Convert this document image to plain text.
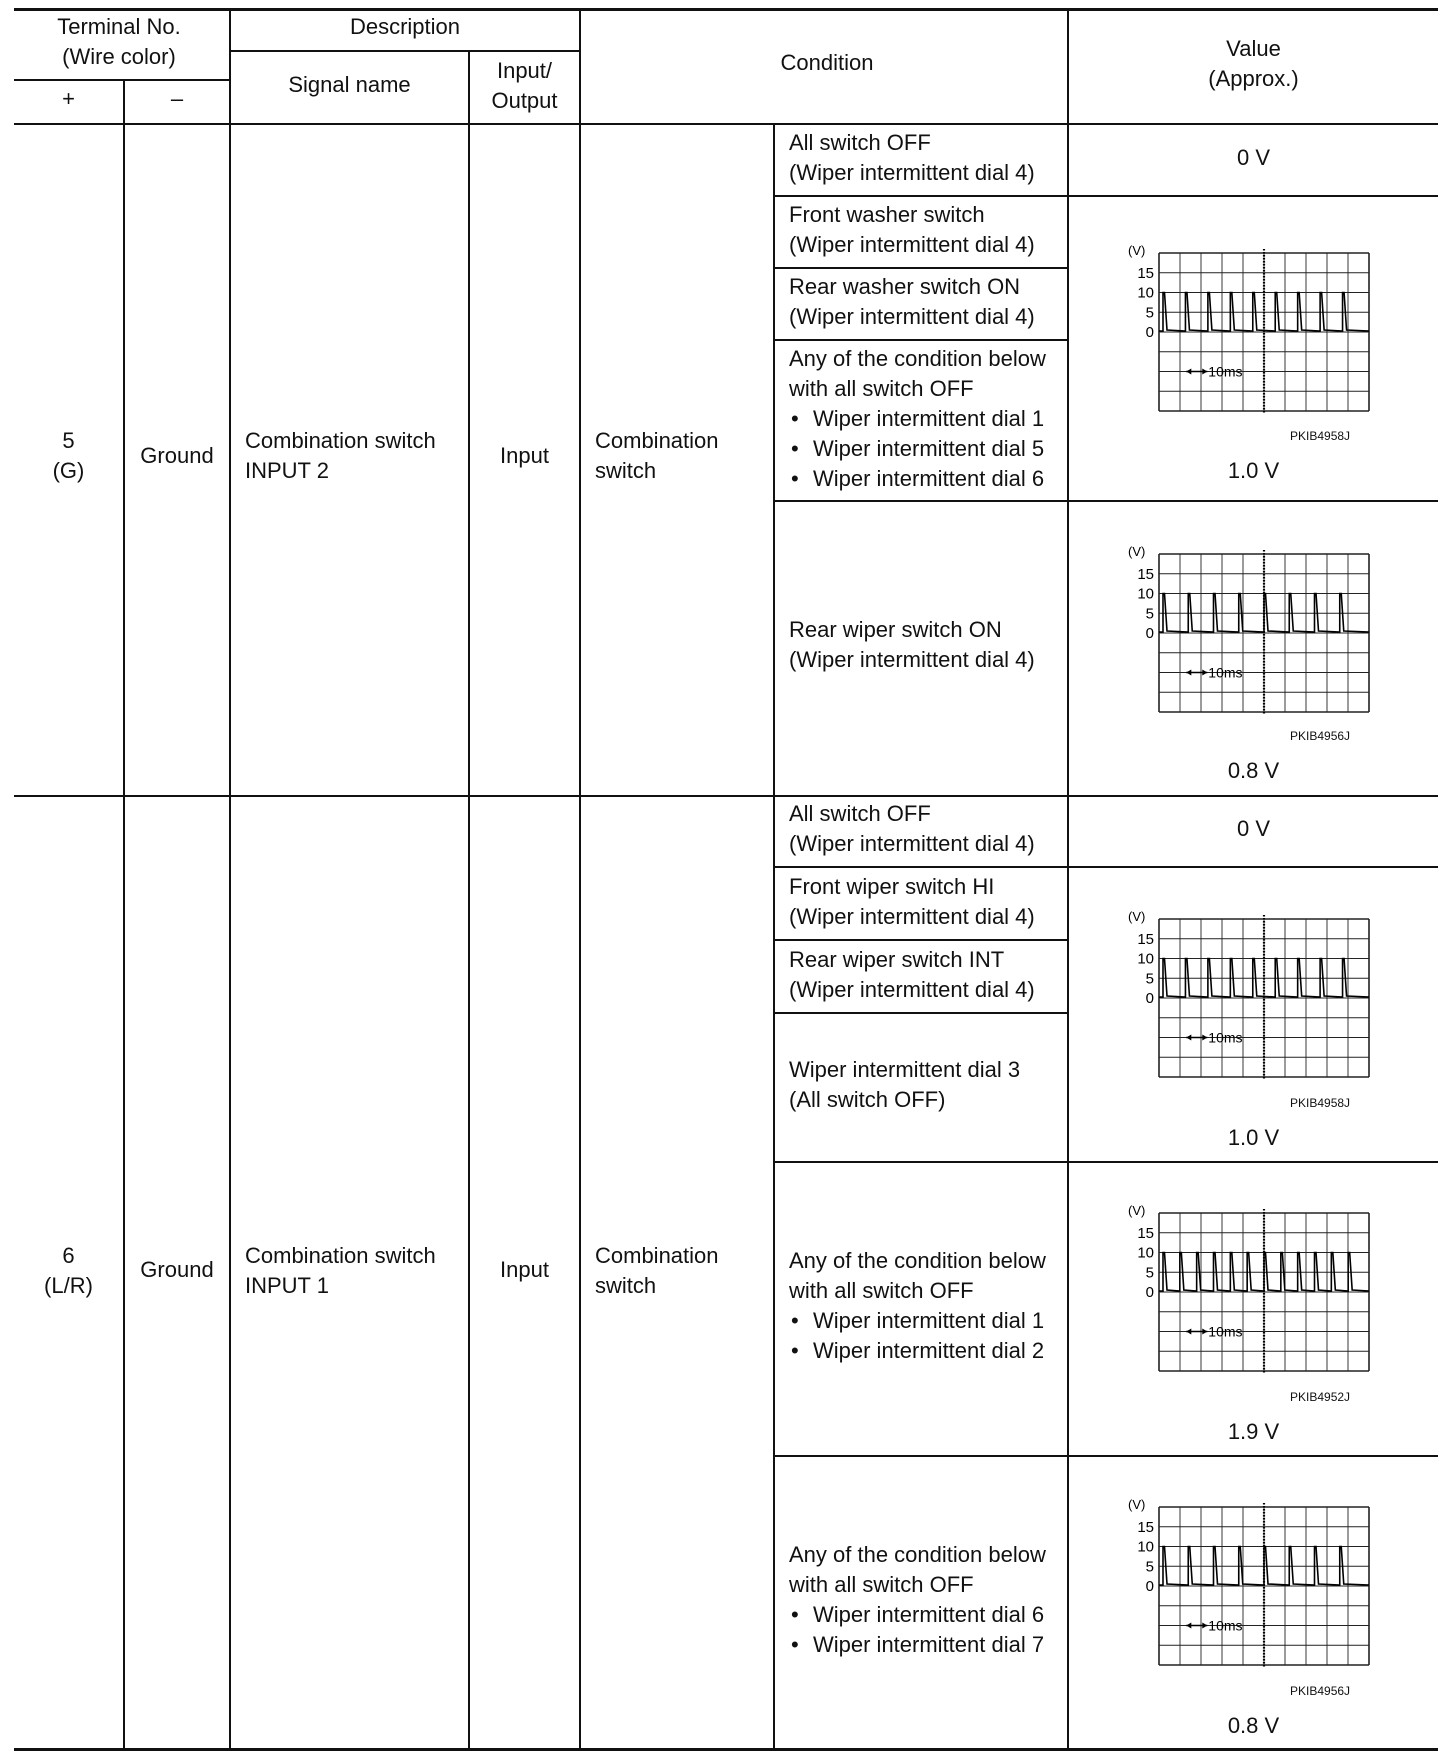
Terminal No.
(Wire color)
+	–
Description
Signal name
Input/
Output
Condition
Value
(Approx.)
5
(G)
Ground
Combination switch
INPUT 2
Input
Combination
switch
All switch OFF
(Wiper intermittent dial 4)
Front washer switch
(Wiper intermittent dial 4)
Rear washer switch ON
(Wiper intermittent dial 4)
Any of the condition below
with all switch OFF
• Wiper intermittent dial 1
• Wiper intermittent dial 5
• Wiper intermittent dial 6
Rear wiper switch ON
(Wiper intermittent dial 4)
0 V
(V)
15
10
5
0
10ms
PKIB4958J
1.0 V
(V)
15
10
5
0
10ms
PKIB4956J
0.8 V
6
(L/R)
Ground
Combination switch
INPUT 1
Input
Combination
switch
All switch OFF
(Wiper intermittent dial 4)
Front wiper switch HI
(Wiper intermittent dial 4)
Rear wiper switch INT
(Wiper intermittent dial 4)
Wiper intermittent dial 3
(All switch OFF)
Any of the condition below
with all switch OFF
• Wiper intermittent dial 1
• Wiper intermittent dial 2
Any of the condition below
with all switch OFF
• Wiper intermittent dial 6
• Wiper intermittent dial 7
0 V
(V)
15
10
5
0
10ms
PKIB4958J
1.0 V
(V)
15
10
5
0
10ms
PKIB4952J
1.9 V
(V)
15
10
5
0
10ms
PKIB4956J
0.8 V
